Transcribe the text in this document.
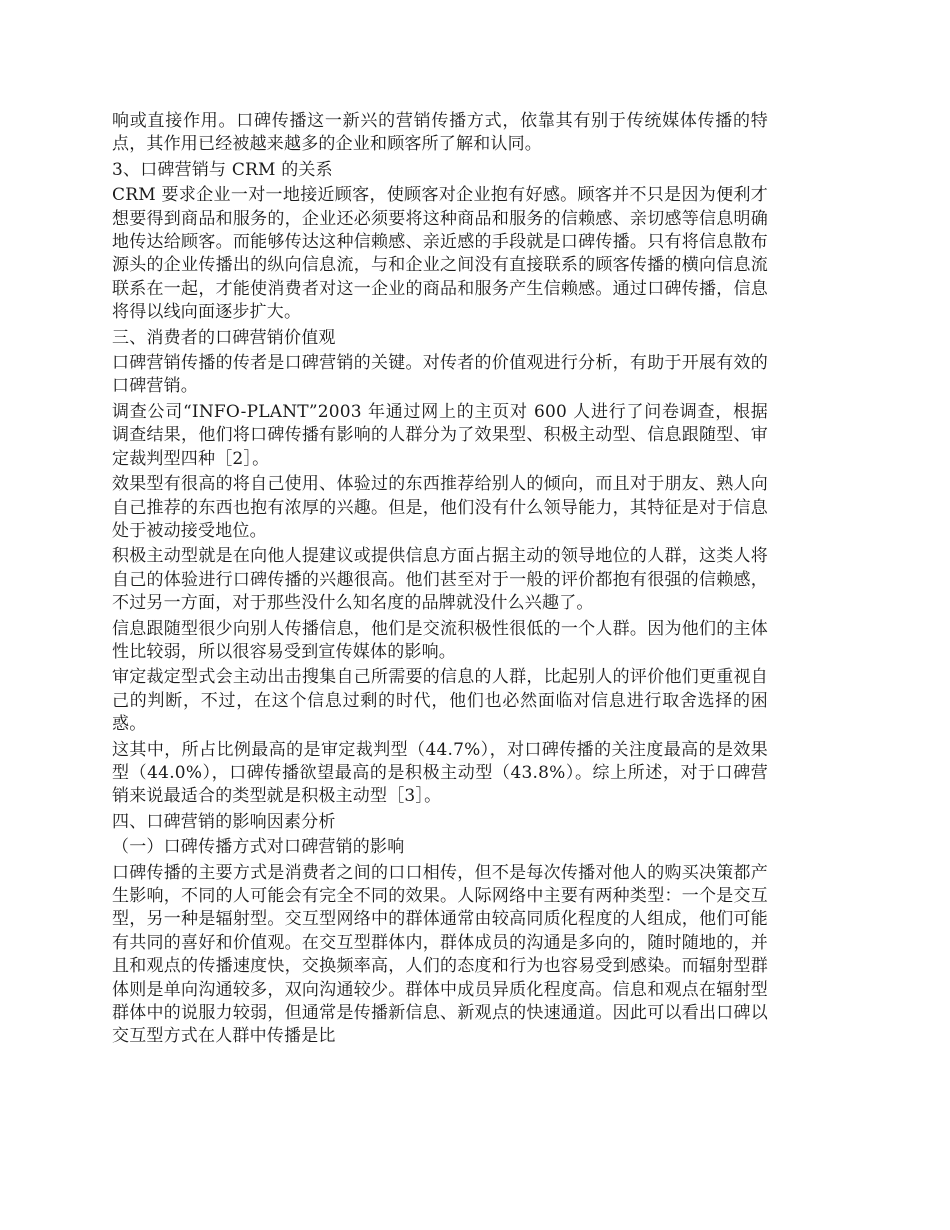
响或直接作用。口碑传播这一新兴的营销传播方式，依靠其有别于传统媒体传播的特点，其作用已经被越来越多的企业和顾客所了解和认同。

3、口碑营销与 CRM 的关系

CRM 要求企业一对一地接近顾客，使顾客对企业抱有好感。顾客并不只是因为便利才想要得到商品和服务的，企业还必须要将这种商品和服务的信赖感、亲切感等信息明确地传达给顾客。而能够传达这种信赖感、亲近感的手段就是口碑传播。只有将信息散布源头的企业传播出的纵向信息流，与和企业之间没有直接联系的顾客传播的横向信息流联系在一起，才能使消费者对这一企业的商品和服务产生信赖感。通过口碑传播，信息将得以线向面逐步扩大。

三、消费者的口碑营销价值观

口碑营销传播的传者是口碑营销的关键。对传者的价值观进行分析，有助于开展有效的口碑营销。

调查公司“INFO-PLANT”2003 年通过网上的主页对 600 人进行了问卷调查，根据调查结果，他们将口碑传播有影响的人群分为了效果型、积极主动型、信息跟随型、审定裁判型四种［2］。

效果型有很高的将自己使用、体验过的东西推荐给别人的倾向，而且对于朋友、熟人向自己推荐的东西也抱有浓厚的兴趣。但是，他们没有什么领导能力，其特征是对于信息处于被动接受地位。

积极主动型就是在向他人提建议或提供信息方面占据主动的领导地位的人群，这类人将自己的体验进行口碑传播的兴趣很高。他们甚至对于一般的评价都抱有很强的信赖感，不过另一方面，对于那些没什么知名度的品牌就没什么兴趣了。

信息跟随型很少向别人传播信息，他们是交流积极性很低的一个人群。因为他们的主体性比较弱，所以很容易受到宣传媒体的影响。

审定裁定型式会主动出击搜集自己所需要的信息的人群，比起别人的评价他们更重视自己的判断，不过，在这个信息过剩的时代，他们也必然面临对信息进行取舍选择的困惑。

这其中，所占比例最高的是审定裁判型（44.7%），对口碑传播的关注度最高的是效果型（44.0%），口碑传播欲望最高的是积极主动型（43.8%）。综上所述，对于口碑营销来说最适合的类型就是积极主动型［3］。

四、口碑营销的影响因素分析

（一）口碑传播方式对口碑营销的影响

口碑传播的主要方式是消费者之间的口口相传，但不是每次传播对他人的购买决策都产生影响，不同的人可能会有完全不同的效果。人际网络中主要有两种类型：一个是交互型，另一种是辐射型。交互型网络中的群体通常由较高同质化程度的人组成，他们可能有共同的喜好和价值观。在交互型群体内，群体成员的沟通是多向的，随时随地的，并且和观点的传播速度快，交换频率高，人们的态度和行为也容易受到感染。而辐射型群体则是单向沟通较多，双向沟通较少。群体中成员异质化程度高。信息和观点在辐射型群体中的说服力较弱，但通常是传播新信息、新观点的快速通道。因此可以看出口碑以交互型方式在人群中传播是比
